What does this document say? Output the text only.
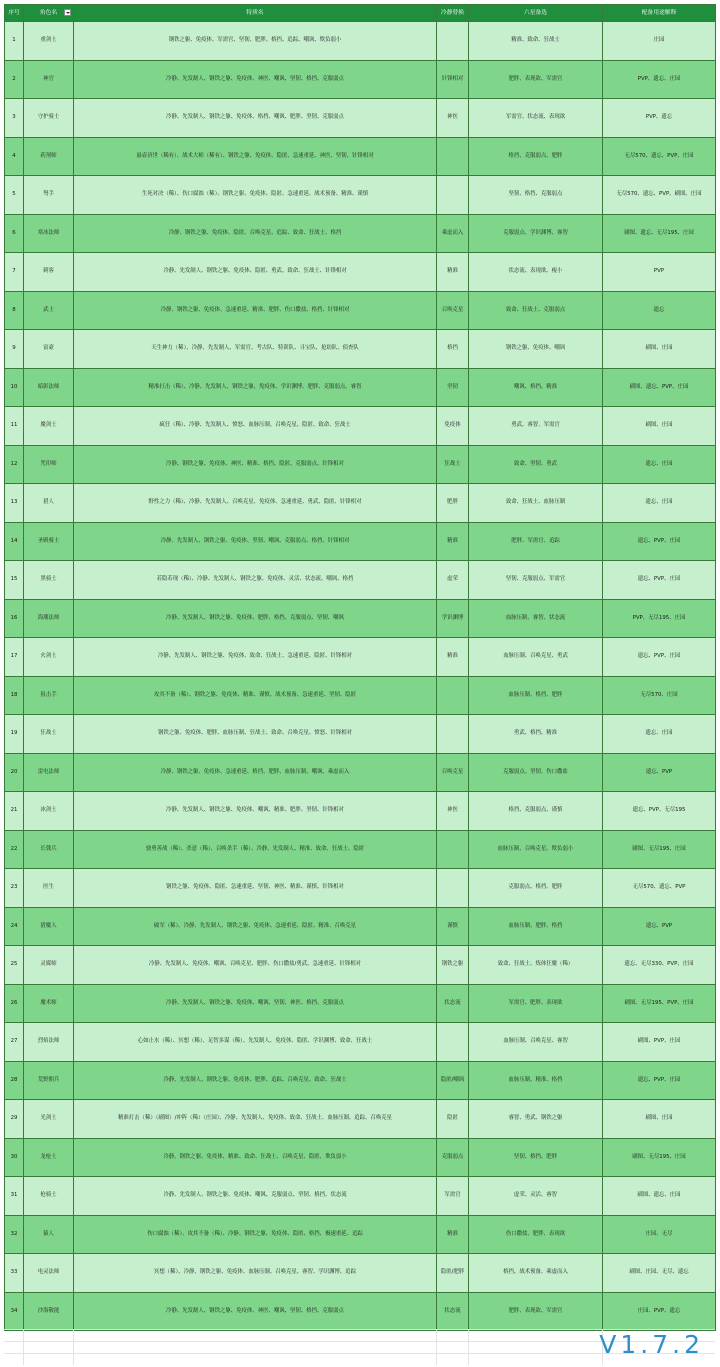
序号	角色名	特质名	冷静替换	六星备选	配备用途解释
1	重剑士	钢铁之躯、免疫体、军需官、坚韧、肥胖、格挡、追踪、嘲讽、欺负弱小		精准、致命、狂战士	庄园
2	神官	冷静、先发制人、钢铁之躯、免疫体、神医、嘲讽、坚韧、格挡、克服弱点	针锋相对	肥胖、表现欲、军需官	PVP、遗忘、庄园
3	守护骑士	冷静、先发制人、钢铁之躯、免疫体、格挡、嘲讽、肥胖、坚韧、克服弱点	神医	军需官、状态流、表现欲	PVP、遗忘
4	药剂师	悬壶济世（稀有）、战术大师（稀有）、钢铁之躯、免疫体、隐匿、急速重延、神医、坚韧、针锋相对		格挡、克服弱点、肥胖	无尽570、遗忘、PVP、庄园
5	弩手	生死对决（稀）、伤口腐蚀（稀）、钢铁之躯、免疫体、隐匿、急速重延、战术预备、精准、谨慎		坚韧、格挡、克服弱点	无尽570、遗忘、PVP、刷图、庄园
6	寒冰法师	冷静、钢铁之躯、免疫体、隐匿、召唤克星、追踪、致命、狂战士、格挡	乘虚而入	克服弱点、学识渊博、睿智	刷图、遗忘、无尽195、庄园
7	刺客	冷静、先发制人、钢铁之躯、免疫体、隐匿、勇武、致命、狂战士、针锋相对	精准	状态流、表现欲、瘦小	PVP
8	武士	冷静、钢铁之躯、免疫体、急速重延、精准、肥胖、伤口撒盐、格挡、针锋相对	召唤克星	致命、狂战士、克服弱点	遗忘
9	富豪	天生神力（稀）、冷静、先发制人、军需官、考古队、特训队、寻宝队、抢劫队、侦查队	格挡	钢铁之躯、免疫体、嘲讽	刷图、庄园
10	暗影法师	精准打击（稀）、冷静、先发制人、钢铁之躯、免疫体、学识渊博、肥胖、克服弱点、睿智	坚韧	嘲讽、格挡、精准	刷图、遗忘、PVP、庄园
11	魔剑士	疯狂（稀）、冷静、先发制人、愤怒、血脉压制、召唤克星、隐匿、致命、狂战士	免疫体	勇武、睿智、军需官	刷图、庄园
12	咒印师	冷静、钢铁之躯、免疫体、神医、精准、格挡、隐匿、克服弱点、针锋相对	狂战士	致命、坚韧、勇武	遗忘、庄园
13	猎人	野性之力（稀）、冷静、先发制人、召唤克星、免疫体、急速重延、勇武、隐匿、针锋相对	肥胖	致命、狂战士、血脉压制	遗忘、庄园
14	圣殿骑士	冷静、先发制人、钢铁之躯、免疫体、坚韧、嘲讽、克服弱点、格挡、针锋相对	精准	肥胖、军需官、追踪	遗忘、PVP、庄园
15	黑骑士	若隐若现（稀）、冷静、先发制人、钢铁之躯、免疫体、灵活、状态流、嘲讽、格挡	虚荣	坚韧、克服弱点、军需官	遗忘、PVP、庄园
16	海潮法师	冷静、先发制人、钢铁之躯、免疫体、肥胖、格挡、克服弱点、坚韧、嘲讽	学识渊博	血脉压制、睿智、状态流	PVP、无尽195、庄园
17	火剑士	冷静、先发制人、钢铁之躯、免疫体、致命、狂战士、急速重延、隐匿、针锋相对	精准	血脉压制、召唤克星、勇武	遗忘、PVP、庄园
18	狙击手	攻其不备（稀）、钢铁之躯、免疫体、精准、谨慎、战术预备、急速重延、坚韧、隐匿		血脉压制、格挡、肥胖	无尽570、庄园
19	狂战士	钢铁之躯、免疫体、肥胖、血脉压制、狂战士、致命、召唤克星、愤怒、针锋相对		勇武、格挡、精准	遗忘、庄园
20	雷电法师	冷静、钢铁之躯、免疫体、急速重延、格挡、肥胖、血脉压制、嘲讽、乘虚而入	召唤克星	克服弱点、坚韧、伤口撒盐	遗忘、PVP
21	冰剑士	冷静、先发制人、钢铁之躯、免疫体、嘲讽、精准、肥胖、坚韧、针锋相对	神医	格挡、克服弱点、谨慎	遗忘、PVP、无尽195
22	长戟兵	骁勇善战（稀）、杀意（稀）、召唤杀手（稀）、冷静、先发制人、精准、致命、狂战士、隐匿		血脉压制、召唤克星、欺负弱小	刷图、无尽195、庄园
23	医生	钢铁之躯、免疫体、隐匿、急速重延、坚韧、神医、精准、谨慎、针锋相对		克服弱点、格挡、肥胖	无尽570、遗忘、PVP
24	猎魔人	破军（稀）、冷静、先发制人、钢铁之躯、免疫体、急速重延、隐匿、精准、召唤克星	谨慎	血脉压制、肥胖、格挡	遗忘、PVP
25	灵媒师	冷静、先发制人、免疫体、嘲讽、召唤克星、肥胖、伤口撒盐/勇武、急速重延、针锋相对	钢铁之躯	致命、狂战士、炼体狂魔（稀）	遗忘、无尽330、PVP、庄园
26	魔术师	冷静、先发制人、钢铁之躯、免疫体、嘲讽、坚韧、神医、格挡、克服弱点	状态流	军需官、肥胖、表现欲	刷图、无尽195、PVP、庄园
27	烈焰法师	心如止水（稀）、冥想（稀）、足智多谋（稀）、先发制人、免疫体、隐匿、学识渊博、致命、狂战士		血脉压制、召唤克星、睿智	刷图、PVP、庄园
28	荒野佣兵	冷静、先发制人、钢铁之躯、免疫体、肥胖、追踪、召唤克星、致命、狂战士	隐匿/嘲讽	血脉压制、精准、格挡	遗忘、PVP、庄园
29	光剑士	精准打击（稀）（刷图）/冲阵（稀）（庄园）、冷静、先发制人、免疫体、致命、狂战士、血脉压制、追踪、召唤克星	隐匿	睿智、勇武、钢铁之躯	刷图、庄园
30	龙枪士	冷静、钢铁之躯、免疫体、精准、致命、狂战士、召唤克星、隐匿、欺负弱小	克服弱点	坚韧、格挡、肥胖	刷图、无尽195、庄园
31	枪骑士	冷静、先发制人、钢铁之躯、免疫体、嘲讽、克服弱点、坚韧、格挡、状态流	军需官	虚荣、灵活、睿智	刷图、遗忘、庄园
32	猿人	伤口腐蚀（稀）、攻其不备（稀）、冷静、钢铁之躯、免疫体、隐匿、格挡、极速重延、追踪	精准	伤口撒盐、肥胖、表现欲	庄园、无尽
33	电灵法师	冥想（稀）、冷静、钢铁之躯、免疫体、血脉压制、召唤克星、睿智、学识渊博、追踪	隐匿/肥胖	格挡、战术预备、乘虚而入	刷图、庄园、无尽、遗忘
34	沙海敬能	冷静、先发制人、钢铁之躯、免疫体、神医、嘲讽、坚韧、格挡、克服弱点	状态流	肥胖、表现欲、军需官	庄园、PVP、遗忘
V1.7.2
